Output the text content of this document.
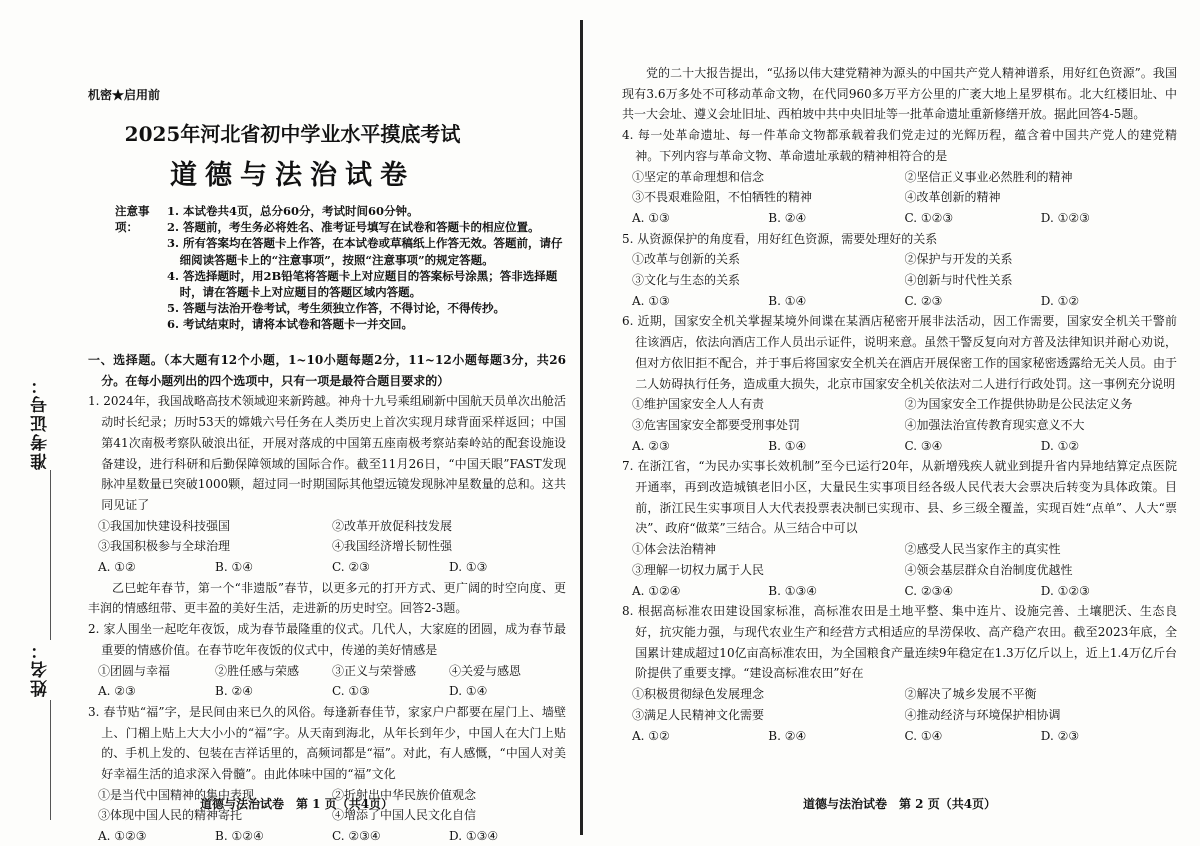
准考证号：
姓名：
机密★启用前
2025年河北省初中学业水平摸底考试
道德与法治试卷
注意事项：
1. 本试卷共4页，总分60分，考试时间60分钟。
2. 答题前，考生务必将姓名、准考证号填写在试卷和答题卡的相应位置。
3. 所有答案均在答题卡上作答，在本试卷或草稿纸上作答无效。答题前，请仔细阅读答题卡上的“注意事项”，按照“注意事项”的规定答题。
4. 答选择题时，用2B铅笔将答题卡上对应题目的答案标号涂黑；答非选择题时，请在答题卡上对应题目的答题区域内答题。
5. 答题与法治开卷考试，考生须独立作答，不得讨论，不得传抄。
6. 考试结束时，请将本试卷和答题卡一并交回。

一、选择题。（本大题有12个小题，1~10小题每题2分，11~12小题每题3分，共26分。在每小题列出的四个选项中，只有一项是最符合题目要求的）

1. 2024年，我国战略高技术领域迎来新跨越。神舟十九号乘组刷新中国航天员单次出舱活动时长纪录；历时53天的嫦娥六号任务在人类历史上首次实现月球背面采样返回；中国第41次南极考察队破浪出征，开展对落成的中国第五座南极考察站秦岭站的配套设施设备建设，进行科研和后勤保障领域的国际合作。截至11月26日，“中国天眼”FAST发现脉冲星数量已突破1000颗，超过同一时期国际其他望远镜发现脉冲星数量的总和。这共同见证了

①我国加快建设科技强国	②改革开放促科技发展
③我国积极参与全球治理	④我国经济增长韧性强
A. ①②	B. ①④	C. ②③	D. ①③

乙巳蛇年春节，第一个“非遗版”春节，以更多元的打开方式、更广阔的时空向度、更丰润的情感纽带、更丰盈的美好生活，走进新的历史时空。回答2-3题。

2. 家人围坐一起吃年夜饭，成为春节最隆重的仪式。几代人，大家庭的团圆，成为春节最重要的情感价值。在春节吃年夜饭的仪式中，传递的美好情感是

①团圆与幸福	②胜任感与荣感	③正义与荣誉感	④关爱与感恩
A. ②③	B. ②④	C. ①③	D. ①④

3. 春节贴“福”字，是民间由来已久的风俗。每逢新春佳节，家家户户都要在屋门上、墙壁上、门楣上贴上大大小小的“福”字。从天南到海北，从年长到年少，中国人在大门上贴的、手机上发的、包装在吉祥话里的，高频词都是“福”。对此，有人感慨，“中国人对美好幸福生活的追求深入骨髓”。由此体味中国的“福”文化

①是当代中国精神的集中表现	②折射出中华民族价值观念
③体现中国人民的精神寄托	④增添了中国人民文化自信
A. ①②③	B. ①②④	C. ②③④	D. ①③④
道德与法治试卷　第 1 页（共4页）

党的二十大报告提出，“弘扬以伟大建党精神为源头的中国共产党人精神谱系，用好红色资源”。我国现有3.6万多处不可移动革命文物，在代同960多万平方公里的广袤大地上星罗棋布。北大红楼旧址、中共一大会址、遵义会址旧址、西柏坡中共中央旧址等一批革命遗址重新修缮开放。据此回答4-5题。

4. 每一处革命遗址、每一件革命文物都承载着我们党走过的光辉历程，蕴含着中国共产党人的建党精神。下列内容与革命文物、革命遗址承载的精神相符合的是

①坚定的革命理想和信念	②坚信正义事业必然胜利的精神
③不畏艰难险阻，不怕牺牲的精神	④改革创新的精神
A. ①③	B. ②④	C. ①②③	D. ①②③

5. 从资源保护的角度看，用好红色资源，需要处理好的关系

①改革与创新的关系	②保护与开发的关系
③文化与生态的关系	④创新与时代性关系
A. ①③	B. ①④	C. ②③	D. ①②

6. 近期，国家安全机关掌握某境外间谍在某酒店秘密开展非法活动，因工作需要，国家安全机关干警前往该酒店，依法向酒店工作人员出示证件，说明来意。虽然干警反复向对方普及法律知识并耐心劝说，但对方依旧拒不配合，并于事后将国家安全机关在酒店开展保密工作的国家秘密透露给无关人员。由于二人妨碍执行任务，造成重大损失，北京市国家安全机关依法对二人进行行政处罚。这一事例充分说明

①维护国家安全人人有责	②为国家安全工作提供协助是公民法定义务
③危害国家安全都要受刑事处罚	④加强法治宣传教育现实意义不大
A. ②③	B. ①④	C. ③④	D. ①②

7. 在浙江省，“为民办实事长效机制”至今已运行20年，从新增残疾人就业到提升省内异地结算定点医院开通率，再到改造城镇老旧小区，大量民生实事项目经各级人民代表大会票决后转变为具体政策。目前，浙江民生实事项目人大代表投票表决制已实现市、县、乡三级全覆盖，实现百姓“点单”、人大“票决”、政府“做菜”三结合。从三结合中可以

①体会法治精神	②感受人民当家作主的真实性
③理解一切权力属于人民	④领会基层群众自治制度优越性
A. ①②④	B. ①③④	C. ②③④	D. ①②③

8. 根据高标准农田建设国家标准，高标准农田是土地平整、集中连片、设施完善、土壤肥沃、生态良好，抗灾能力强，与现代农业生产和经营方式相适应的旱涝保收、高产稳产农田。截至2023年底，全国累计建成超过10亿亩高标准农田，为全国粮食产量连续9年稳定在1.3万亿斤以上，近上1.4万亿斤台阶提供了重要支撑。“建设高标准农田”好在

①积极贯彻绿色发展理念	②解决了城乡发展不平衡
③满足人民精神文化需要	④推动经济与环境保护相协调
A. ①②	B. ②④	C. ①④	D. ②③
道德与法治试卷　第 2 页（共4页）
